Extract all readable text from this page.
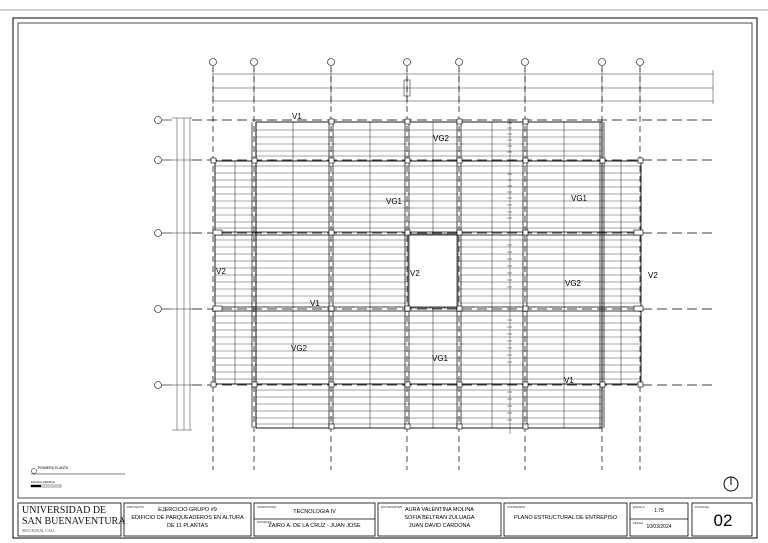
V1
VG2
VG1	VG1
V2	V2
VG2
V2
V1
VG2
VG1
V1
PRIMERA PLANTA
ESCALA GRAFICA
UNIVERSIDAD DE
SAN BUENAVENTURA
SECCIONAL CALI
PROYECTO	EJERCICIO GRUPO #9
EDIFICIO DE PARQUEADEROS EN ALTURA
DE 11 PLANTAS
ASIGNATURA
TECNOLOGIA IV
DOCENTE
ZAIRO A. DE LA CRUZ - JUAN JOSE
ESTUDIANTES AURA VALENTINA MOLINA
SOFIA BELTRAN ZULUAGA
JUAN DAVID CARDONA
CONTENIDO
PLANO ESTRUCTURAL DE ENTREPISO
ESCALA
1:75
FECHA
10/03/2024
PLANCHA
02
